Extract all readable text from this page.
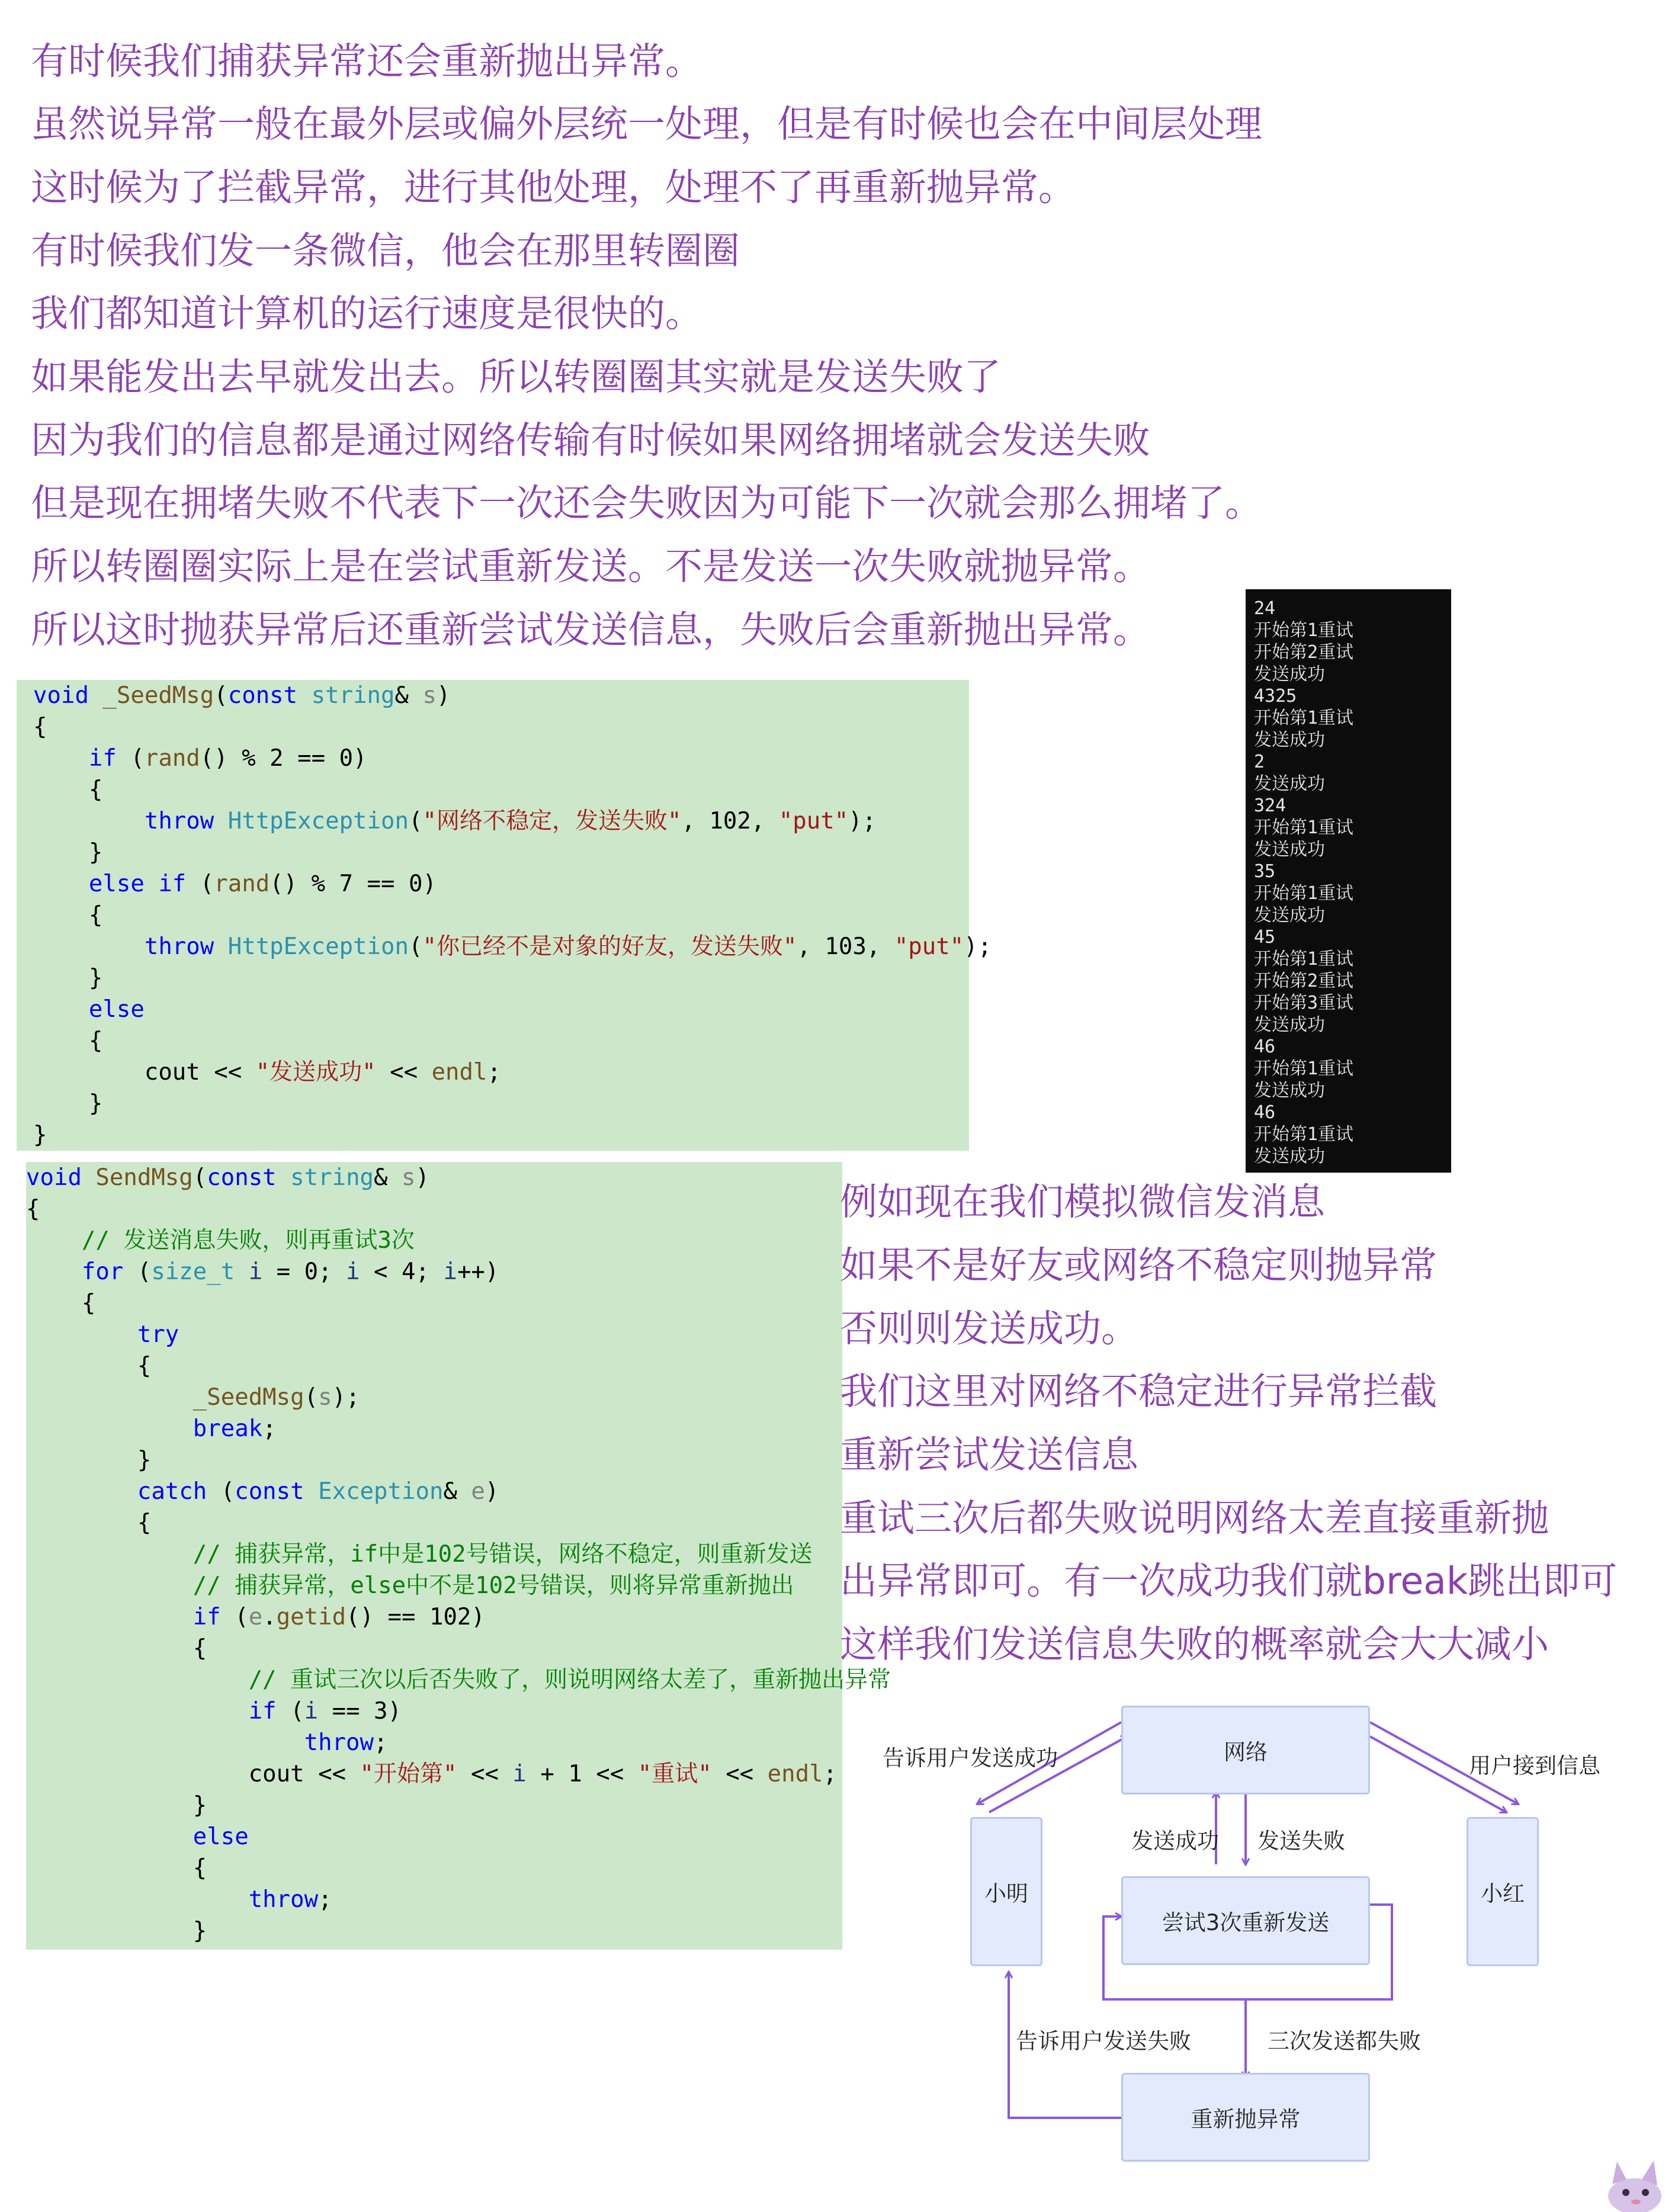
有时候我们捕获异常还会重新抛出异常。
虽然说异常一般在最外层或偏外层统一处理，但是有时候也会在中间层处理
这时候为了拦截异常，进行其他处理，处理不了再重新抛异常。
有时候我们发一条微信，他会在那里转圈圈
我们都知道计算机的运行速度是很快的。
如果能发出去早就发出去。所以转圈圈其实就是发送失败了
因为我们的信息都是通过网络传输有时候如果网络拥堵就会发送失败
但是现在拥堵失败不代表下一次还会失败因为可能下一次就会那么拥堵了。
所以转圈圈实际上是在尝试重新发送。不是发送一次失败就抛异常。
所以这时抛获异常后还重新尝试发送信息，失败后会重新抛出异常。
void _SeedMsg(const string& s)
{
if (rand() % 2 == 0)
{
throw HttpException("网络不稳定，发送失败", 102, "put");
}
else if (rand() % 7 == 0)
{
throw HttpException("你已经不是对象的好友，发送失败", 103, "put");
}
else
{
cout << "发送成功" << endl;
}
}
void SendMsg(const string& s)
{
// 发送消息失败，则再重试3次
for (size_t i = 0; i < 4; i++)
{
try
{
_SeedMsg(s);
break;
}
catch (const Exception& e)
{
// 捕获异常，if中是102号错误，网络不稳定，则重新发送
// 捕获异常，else中不是102号错误，则将异常重新抛出
if (e.getid() == 102)
{
// 重试三次以后否失败了，则说明网络太差了，重新抛出异常
if (i == 3)
throw;
cout << "开始第" << i + 1 << "重试" << endl;
}
else
{
throw;
}
24
开始第1重试
开始第2重试
发送成功
4325
开始第1重试
发送成功
2
发送成功
324
开始第1重试
发送成功
35
开始第1重试
发送成功
45
开始第1重试
开始第2重试
开始第3重试
发送成功
46
开始第1重试
发送成功
46
开始第1重试
发送成功
例如现在我们模拟微信发消息
如果不是好友或网络不稳定则抛异常
否则则发送成功。
我们这里对网络不稳定进行异常拦截
重新尝试发送信息
重试三次后都失败说明网络太差直接重新抛
出异常即可。有一次成功我们就break跳出即可
这样我们发送信息失败的概率就会大大减小
网络
小明	小红
尝试3次重新发送
重新抛异常
告诉用户发送成功	用户接到信息
发送成功 发送失败
告诉用户发送失败	三次发送都失败
